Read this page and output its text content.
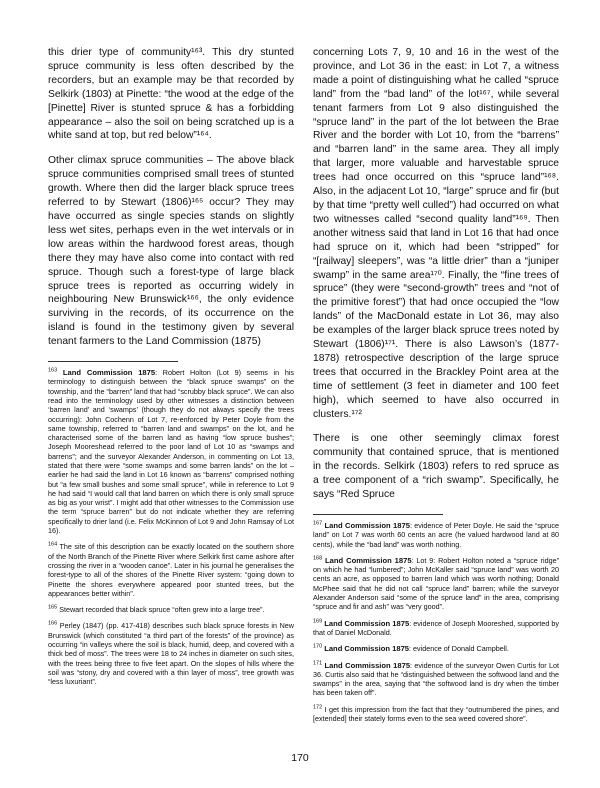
this drier type of community¹⁶³. This dry stunted spruce community is less often described by the recorders, but an example may be that recorded by Selkirk (1803) at Pinette: “the wood at the edge of the [Pinette] River is stunted spruce & has a forbidding appearance – also the soil on being scratched up is a white sand at top, but red below”¹⁶⁴.

Other climax spruce communities – The above black spruce communities comprised small trees of stunted growth. Where then did the larger black spruce trees referred to by Stewart (1806)¹⁶⁵ occur? They may have occurred as single species stands on slightly less wet sites, perhaps even in the wet intervals or in low areas within the hardwood forest areas, though there they may have also come into contact with red spruce. Though such a forest-type of large black spruce trees is reported as occurring widely in neighbouring New Brunswick¹⁶⁶, the only evidence surviving in the records, of its occurrence on the island is found in the testimony given by several tenant farmers to the Land Commission (1875)

$^{163}$ Land Commission 1875: Robert Holton (Lot 9) seems in his terminology to distinguish between the “black spruce swamps” on the township, and the “barren” land that had “scrubby black spruce”. We can also read into the terminology used by other witnesses a distinction between ‘barren land’ and ‘swamps’ (though they do not always specify the trees occurring): John Cochenn of Lot 7, re-enforced by Peter Doyle from the same township, referred to “barren land and swamps” on the lot, and he characterised some of the barren land as having “low spruce bushes”; Joseph Mooreshead referred to the poor land of Lot 10 as “swamps and barrens”; and the surveyor Alexander Anderson, in commenting on Lot 13, stated that there were “some swamps and some barren lands” on the lot – earlier he had said the land in Lot 16 known as “barrens” comprised nothing but “a few small bushes and some small spruce”, while in reference to Lot 9 he had said “I would call that land barren on which there is only small spruce as big as your wrist”. I might add that other witnesses to the Commission use the term “spruce barren” but do not indicate whether they are referring specifically to drier land (i.e. Felix McKinnon of Lot 9 and John Ramsay of Lot 16).

$^{164}$ The site of this description can be exactly located on the southern shore of the North Branch of the Pinette River where Selkirk first came ashore after crossing the river in a “wooden canoe”. Later in his journal he generalises the forest-type to all of the shores of the Pinette River system: “going down to Pinette the shores everywhere appeared poor stunted trees, but the appearances better within”.

$^{165}$ Stewart recorded that black spruce “often grew into a large tree”.

$^{166}$ Perley (1847) (pp. 417-418) describes such black spruce forests in New Brunswick (which constituted “a third part of the forests” of the province) as occurring “in valleys where the soil is black, humid, deep, and covered with a thick bed of moss”. The trees were 18 to 24 inches in diameter on such sites, with the trees being three to five feet apart. On the slopes of hills where the soil was “stony, dry and covered with a thin layer of moss”, tree growth was “less luxuriant”.

concerning Lots 7, 9, 10 and 16 in the west of the province, and Lot 36 in the east: in Lot 7, a witness made a point of distinguishing what he called “spruce land” from the “bad land” of the lot¹⁶⁷, while several tenant farmers from Lot 9 also distinguished the “spruce land” in the part of the lot between the Brae River and the border with Lot 10, from the “barrens” and “barren land” in the same area. They all imply that larger, more valuable and harvestable spruce trees had once occurred on this “spruce land”¹⁶⁸. Also, in the adjacent Lot 10, “large” spruce and fir (but by that time “pretty well culled”) had occurred on what two witnesses called “second quality land”¹⁶⁹. Then another witness said that land in Lot 16 that had once had spruce on it, which had been “stripped” for “[railway] sleepers”, was “a little drier” than a “juniper swamp” in the same area¹⁷⁰. Finally, the “fine trees of spruce” (they were “second-growth” trees and “not of the primitive forest”) that had once occupied the “low lands” of the MacDonald estate in Lot 36, may also be examples of the larger black spruce trees noted by Stewart (1806)¹⁷¹. There is also Lawson’s (1877-1878) retrospective description of the large spruce trees that occurred in the Brackley Point area at the time of settlement (3 feet in diameter and 100 feet high), which seemed to have also occurred in clusters.¹⁷²

There is one other seemingly climax forest community that contained spruce, that is mentioned in the records. Selkirk (1803) refers to red spruce as a tree component of a “rich swamp”. Specifically, he says “Red Spruce

$^{167}$ Land Commission 1875: evidence of Peter Doyle. He said the “spruce land” on Lot 7 was worth 60 cents an acre (he valued hardwood land at 80 cents), while the “bad land” was worth nothing.

$^{168}$ Land Commission 1875: Lot 9: Robert Holton noted a “spruce ridge” on which he had “lumbered”; John McKaller said “spruce land” was worth 20 cents an acre, as opposed to barren land which was worth nothing; Donald McPhee said that he did not call “spruce land” barren; while the surveyor Alexander Anderson said “some of the spruce land” in the area, comprising “spruce and fir and ash” was “very good”.

$^{169}$ Land Commission 1875: evidence of Joseph Mooreshed, supported by that of Daniel McDonald.

$^{170}$ Land Commission 1875: evidence of Donald Campbell.

$^{171}$ Land Commission 1875: evidence of the surveyor Owen Curtis for Lot 36. Curtis also said that he “distinguished between the softwood land and the swamps” in the area, saying that “the softwood land is dry when the timber has been taken off”.

$^{172}$ I get this impression from the fact that they “outnumbered the pines, and [extended] their stately forms even to the sea weed covered shore”.

170
